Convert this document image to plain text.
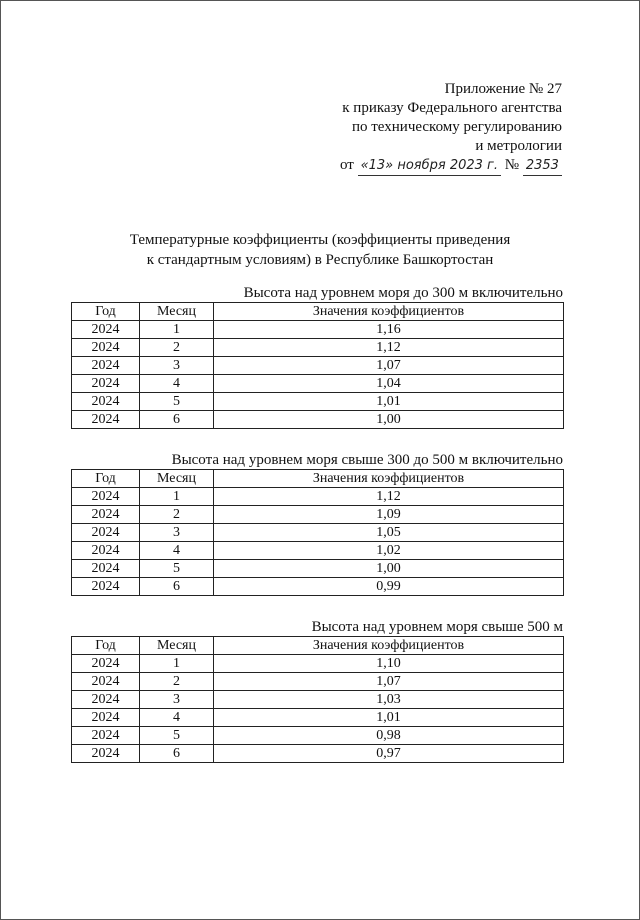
Приложение № 27
к приказу Федерального агентства
по техническому регулированию
и метрологии
от «13» ноября 2023 г. № 2353
Температурные коэффициенты (коэффициенты приведения
к стандартным условиям) в Республике Башкортостан
Высота над уровнем моря до 300 м включительно
Год	Месяц	Значения коэффициентов
2024	1	1,16
2024	2	1,12
2024	3	1,07
2024	4	1,04
2024	5	1,01
2024	6	1,00
Высота над уровнем моря свыше 300 до 500 м включительно
Год	Месяц	Значения коэффициентов
2024	1	1,12
2024	2	1,09
2024	3	1,05
2024	4	1,02
2024	5	1,00
2024	6	0,99
Высота над уровнем моря свыше 500 м
Год	Месяц	Значения коэффициентов
2024	1	1,10
2024	2	1,07
2024	3	1,03
2024	4	1,01
2024	5	0,98
2024	6	0,97
